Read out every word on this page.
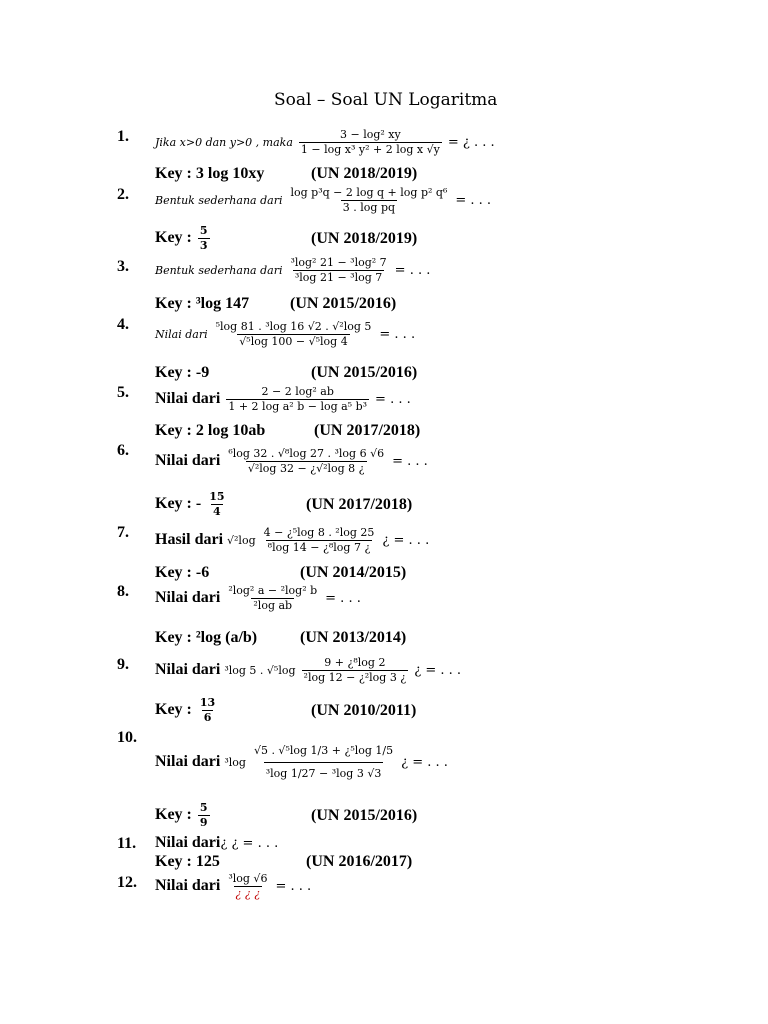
Soal – Soal UN Logaritma
1. Jika x>0 dan y>0 , maka $\frac{\text{3 − log² xy}}{\text{1 − log x³ y² + 2 log x √y}}$ = ¿ . . .
Key : 3 log 10xy	(UN 2018/2019)
2. Bentuk sederhana dari $\frac{\text{log p³q − 2 log q + log p² q⁶}}{\text{3 . log pq}}$ = . . .
Key : $\frac{5}{3}$	(UN 2018/2019)
3. Bentuk sederhana dari $\frac{\text{³log² 21 − ³log² 7}}{\text{³log 21 − ³log 7}}$ = . . .
Key : ³log 147	(UN 2015/2016)
4.
Nilai dari $\frac{\text{⁵log 81 . ³log 16 √2 . √²log 5}}{\text{√⁵log 100 − √⁵log 4}}$ = . . .
Key : -9	(UN 2015/2016)
5. Nilai dari $\frac{\text{2 − 2 log² ab}}{\text{1 + 2 log a² b − log a⁵ b³}}$ = . . .
Key : 2 log 10ab	(UN 2017/2018)
6.
Nilai dari $\frac{\text{⁶log 32 . √⁸log 27 . ³log 6 √6}}{\text{√²log 32 − ¿√²log 8 ¿}}$ = . . .
Key : - $\frac{15}{4}$	(UN 2017/2018)
7. Hasil dari $√^2\log \frac{\text{4 − ¿⁵log 8 . ²log 25}}{\text{⁸log 14 − ¿⁸log 7 ¿}}$ ¿ = . . .
Key : -6	(UN 2014/2015)
8. Nilai dari $\frac{\text{²log² a − ²log² b}}{\text{²log ab}}$ = . . .
Key : ²log (a/b)	(UN 2013/2014)
9. Nilai dari ³log 5 . $√^5\log \frac{\text{9 + ¿⁸log 2}}{\text{²log 12 − ¿²log 3 ¿}}$ ¿ = . . .
Key : $\frac{13}{6}$	(UN 2010/2011)
10.
Nilai dari $^3\log \frac{\text{√5 . √⁵log 1/3 + ¿⁵log 1/5}}{\text{³log 1/27 − ³log 3 √3}}$ ¿ = . . .
Key : $\frac{5}{9}$	(UN 2015/2016)
11. Nilai dari¿ ¿ = . . .
Key : 125	(UN 2016/2017)
12. Nilai dari $\frac{\text{³log √6}}{¿ ¿ ¿}$ = . . .
